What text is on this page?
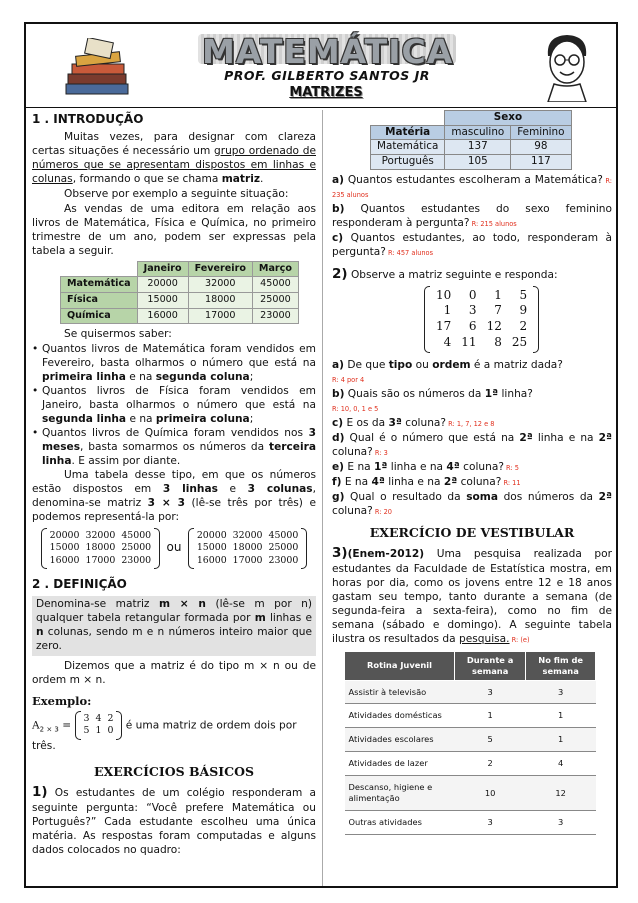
MATEMÁTICA
PROF. GILBERTO SANTOS JR
MATRIZES
1 . INTRODUÇÃO

Muitas vezes, para designar com clareza certas situações é necessário um grupo ordenado de números que se apresentam dispostos em linhas e colunas, formando o que se chama matriz.

Observe por exemplo a seguinte situação:

As vendas de uma editora em relação aos livros de Matemática, Física e Química, no primeiro trimestre de um ano, podem ser expressas pela tabela a seguir.

	Janeiro	Fevereiro	Março
Matemática	20000	32000	45000
Física	15000	18000	25000
Química	16000	17000	23000

Se quisermos saber:

• Quantos livros de Matemática foram vendidos em Fevereiro, basta olharmos o número que está na primeira linha e na segunda coluna;
• Quantos livros de Física foram vendidos em Janeiro, basta olharmos o número que está na segunda linha e na primeira coluna;
• Quantos livros de Química foram vendidos nos 3 meses, basta somarmos os números da terceira linha. E assim por diante.

Uma tabela desse tipo, em que os números estão dispostos em 3 linhas e 3 colunas, denomina-se matriz 3 × 3 (lê-se três por três) e podemos representá-la por:

20000	32000	45000
15000	18000	25000
16000	17000	23000
ou
20000	32000	45000
15000	18000	25000
16000	17000	23000
2 . DEFINIÇÃO
Denomina-se matriz m × n (lê-se m por n) qualquer tabela retangular formada por m linhas e n colunas, sendo m e n números inteiro maior que zero.

Dizemos que a matriz é do tipo m × n ou de ordem m × n.

Exemplo:

$A_{2 \times 3}$ =
3	4	2
5	1	0 é uma matriz de ordem dois por três.
EXERCÍCIOS BÁSICOS

1) Os estudantes de um colégio responderam a seguinte pergunta: “Você prefere Matemática ou Português?” Cada estudante escolheu uma única matéria. As respostas foram computadas e alguns dados colocados no quadro:

	Sexo	
Matéria	masculino	Feminino
Matemática	137	98
Português	105	117

a) Quantos estudantes escolheram a Matemática? R: 235 alunos

b) Quantos estudantes do sexo feminino responderam à pergunta? R: 215 alunos

c) Quantos estudantes, ao todo, responderam à pergunta? R: 457 alunos

2) Observe a matriz seguinte e responda:

10	0	1	5
1	3	7	9
17	6	12	2
4	11	8	25

a) De que tipo ou ordem é a matriz dada?
R: 4 por 4

b) Quais são os números da 1ª linha?
R: 10, 0, 1 e 5

c) E os da 3ª coluna? R: 1, 7, 12 e 8

d) Qual é o número que está na 2ª linha e na 2ª coluna? R: 3

e) E na 1ª linha e na 4ª coluna? R: 5

f) E na 4ª linha e na 2ª coluna? R: 11

g) Qual o resultado da soma dos números da 2ª coluna? R: 20

EXERCÍCIO DE VESTIBULAR

3)(Enem-2012) Uma pesquisa realizada por estudantes da Faculdade de Estatística mostra, em horas por dia, como os jovens entre 12 e 18 anos gastam seu tempo, tanto durante a semana (de segunda-feira a sexta-feira), como no fim de semana (sábado e domingo). A seguinte tabela ilustra os resultados da pesquisa. R: (e)

Rotina Juvenil	Durante a semana	No fim de semana
Assistir à televisão	3	3
Atividades domésticas	1	1
Atividades escolares	5	1
Atividades de lazer	2	4
Descanso, higiene e alimentação	10	12
Outras atividades	3	3
